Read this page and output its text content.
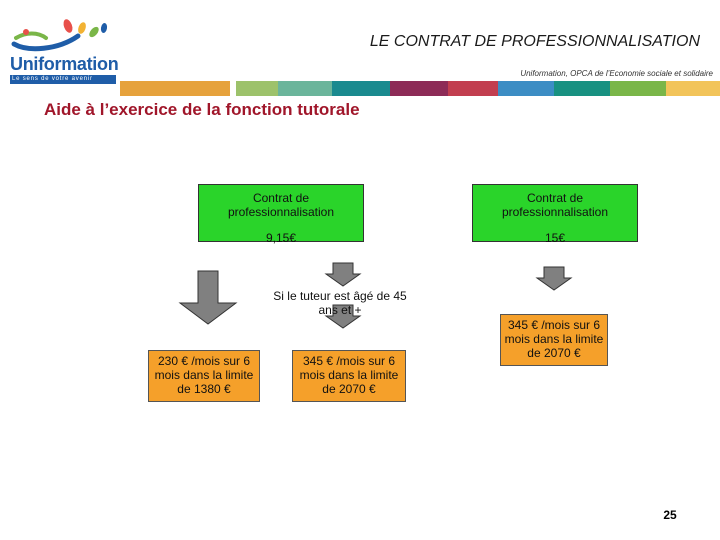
Uniformation
Le sens de votre avenir
LE CONTRAT DE PROFESSIONNALISATION
Uniformation, OPCA de l’Economie sociale et solidaire
Aide à l’exercice de la fonction tutorale
Contrat de professionnalisation
9,15€
Contrat de professionnalisation
15€
Si le tuteur est âgé de 45 ans et +
230 € /mois sur 6 mois dans la limite de 1380 €
345 € /mois sur 6 mois dans la limite de 2070 €
345 € /mois sur 6 mois dans la limite de 2070 €
25
